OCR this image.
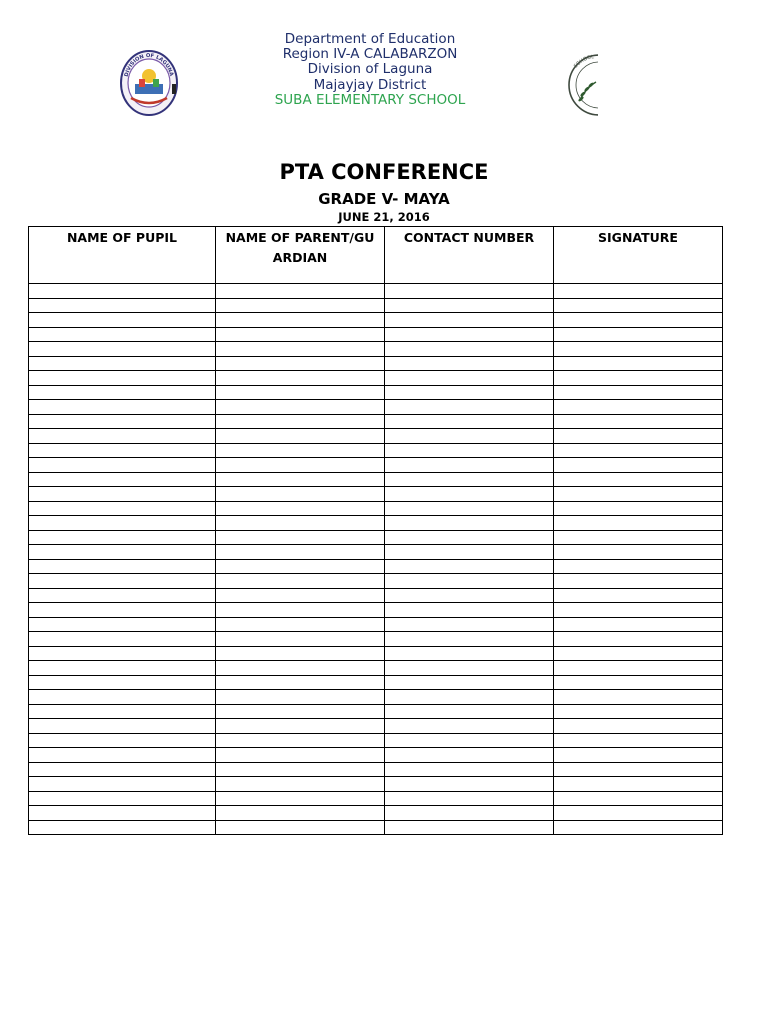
DIVISION OF LAGUNA
Department of Education
Region IV-A CALABARZON
Division of Laguna
Majayjay District
SUBA ELEMENTARY SCHOOL
SCHOOL
PTA CONFERENCE
GRADE V- MAYA
JUNE 21, 2016
NAME OF PUPIL	NAME OF PARENT/GUARDIAN	CONTACT NUMBER	SIGNATURE
